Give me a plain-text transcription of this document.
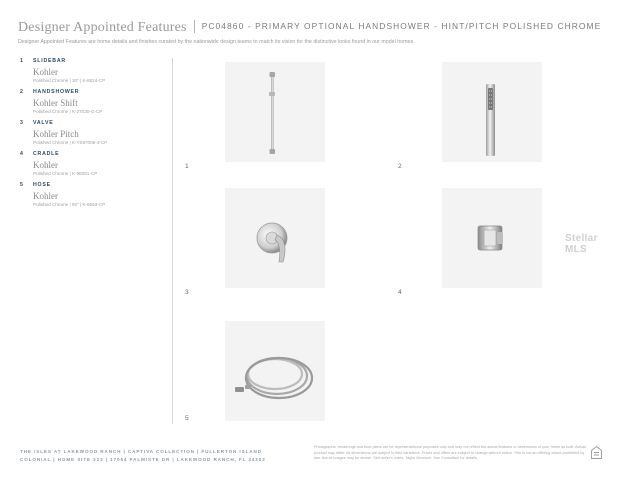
Designer Appointed Features PC04860 - PRIMARY OPTIONAL HANDSHOWER - HINT/PITCH POLISHED CHROME
Designer Appointed Features are home details and finishes curated by the nationwide design teams to match its vision for the distinctive looks found in our model homes.
1 SLIDEBAR
Kohler
Polished Chrome | 30" | K-8524-CP
2 HANDSHOWER
Kohler Shift
Polished Chrome | K-27030-G-CP
3 VALVE
Kohler Pitch
Polished Chrome | K-TS97006-4-CP
4 CRADLE
Kohler
Polished Chrome | K-98351-CP
5 HOSE
Kohler
Polished Chrome | 60" | K-8593-CP
1	2
3	4
5
Stellar MLS
THE ISLES AT LAKEWOOD RANCH | CAPTIVA COLLECTION | FULLERTON ISLAND
COLONIAL | HOME SITE 222 | 17054 PALMISTE DR | LAKEWOOD RANCH, FL 34202
Photographs, renderings and floor plans are for representational purposes only and may not reflect the actual features or dimensions of your home as built. Actual product may differ. All dimensions are subject to field variations. Prices and offers are subject to change without notice. This is not an offering where prohibited by law. Not all images may be shown. See seller's notes. Taylor Morrison. See Consultant for details.
